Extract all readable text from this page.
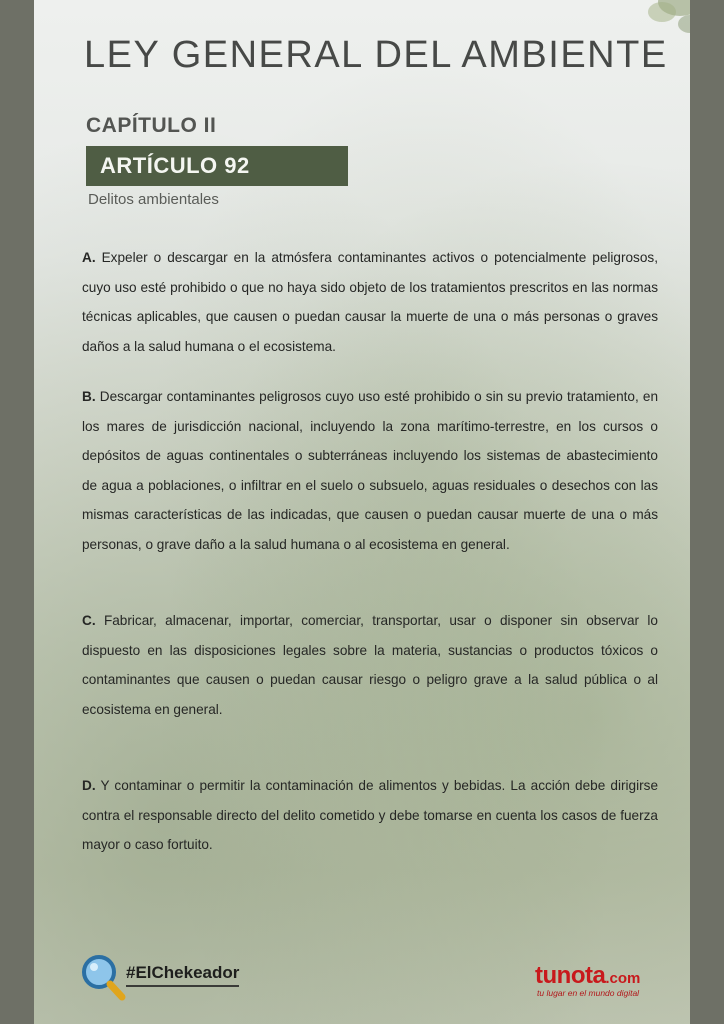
LEY GENERAL DEL AMBIENTE
CAPÍTULO II
ARTÍCULO 92
Delitos ambientales
A. Expeler o descargar en la atmósfera contaminantes activos o potencialmente peligrosos, cuyo uso esté prohibido o que no haya sido objeto de los tratamientos prescritos en las normas técnicas aplicables, que causen o puedan causar la muerte de una o más personas o graves daños a la salud humana o el ecosistema.
B. Descargar contaminantes peligrosos cuyo uso esté prohibido o sin su previo tratamiento, en los mares de jurisdicción nacional, incluyendo la zona marítimo-terrestre, en los cursos o depósitos de aguas continentales o subterráneas incluyendo los sistemas de abastecimiento de agua a poblaciones, o infiltrar en el suelo o subsuelo, aguas residuales o desechos con las mismas características de las indicadas, que causen o puedan causar muerte de una o más personas, o grave daño a la salud humana o al ecosistema en general.
C. Fabricar, almacenar, importar, comerciar, transportar, usar o disponer sin observar lo dispuesto en las disposiciones legales sobre la materia, sustancias o productos tóxicos o contaminantes que causen o puedan causar riesgo o peligro grave a la salud pública o al ecosistema en general.
D. Y contaminar o permitir la contaminación de alimentos y bebidas. La acción debe dirigirse contra el responsable directo del delito cometido y debe tomarse en cuenta los casos de fuerza mayor o caso fortuito.
#ElChekeador	tunota.com
tu lugar en el mundo digital
